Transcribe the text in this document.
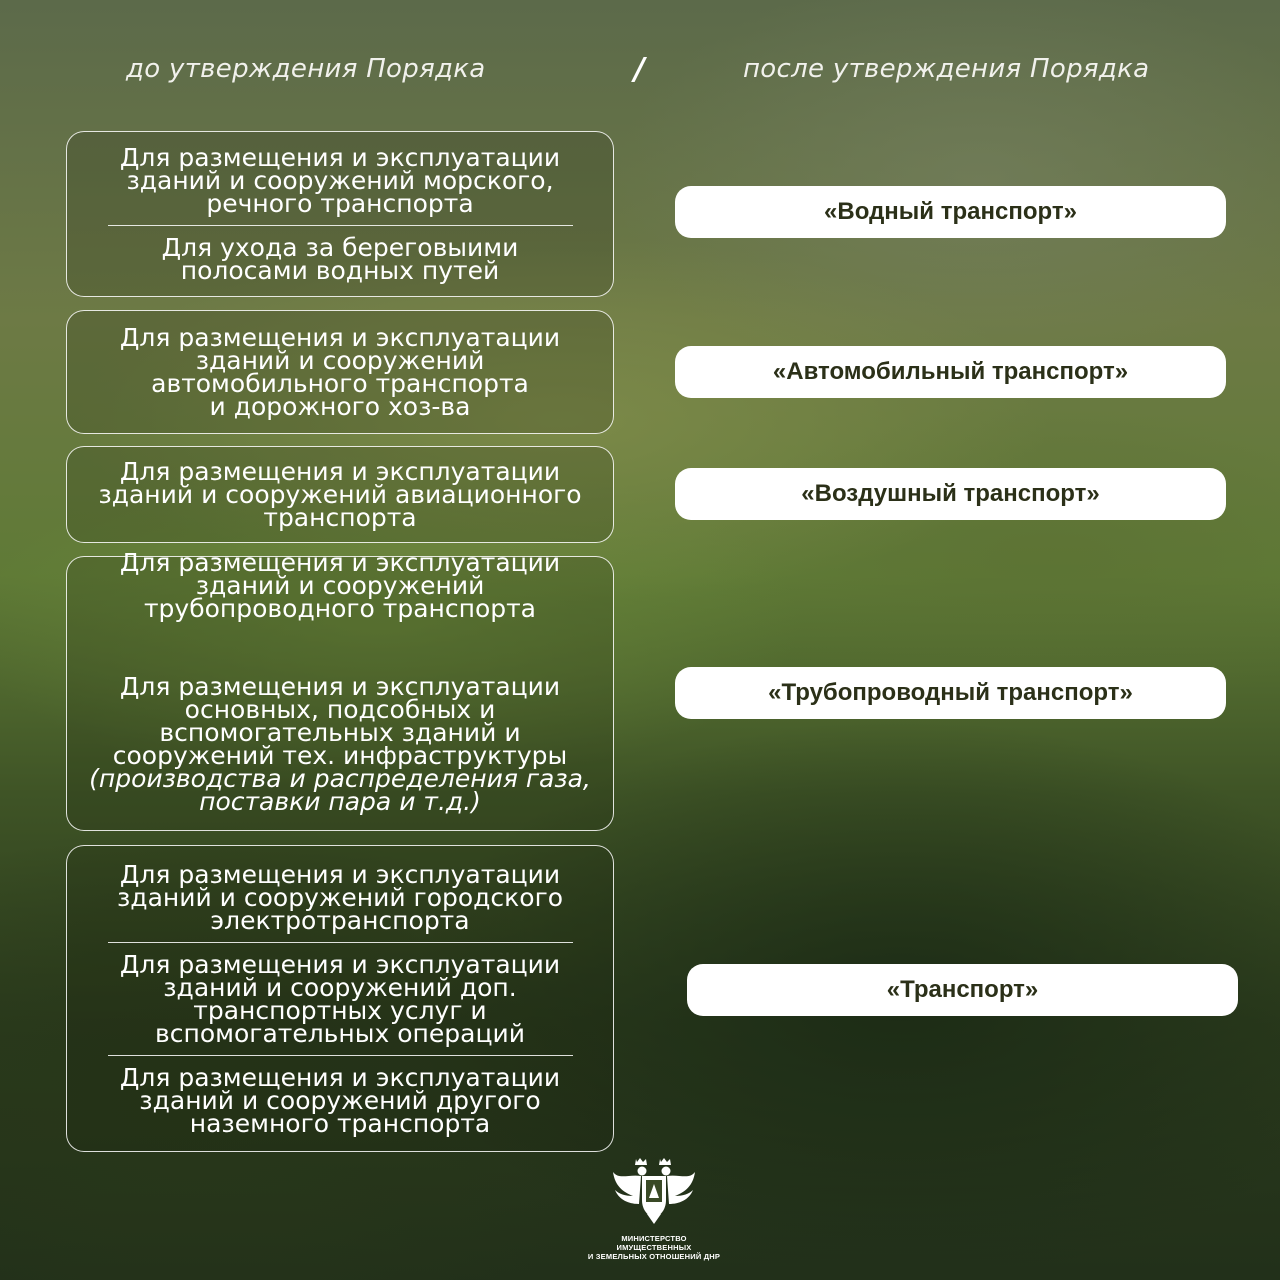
до утверждения Порядка	/	после утверждения Порядка
Для размещения и эксплуатации
зданий и сооружений морского,
речного транспорта
Для ухода за береговыими
полосами водных путей
«Водный транспорт»
Для размещения и эксплуатации
зданий и сооружений
автомобильного транспорта
и дорожного хоз-ва
«Автомобильный транспорт»
Для размещения и эксплуатации
зданий и сооружений авиационного
транспорта
«Воздушный транспорт»
Для размещения и эксплуатации
зданий и сооружений
трубопроводного транспорта

Для размещения и эксплуатации
основных, подсобных и
вспомогательных зданий и
сооружений тех. инфраструктуры

(производства и распределения газа,
поставки пара и т.д.)

«Трубопроводный транспорт»
Для размещения и эксплуатации
зданий и сооружений городского
электротранспорта
Для размещения и эксплуатации
зданий и сооружений доп.
транспортных услуг и
вспомогательных операций
Для размещения и эксплуатации
зданий и сооружений другого
наземного транспорта
«Транспорт»
МИНИСТЕРСТВО ИМУЩЕСТВЕННЫХ
И ЗЕМЕЛЬНЫХ ОТНОШЕНИЙ ДНР
